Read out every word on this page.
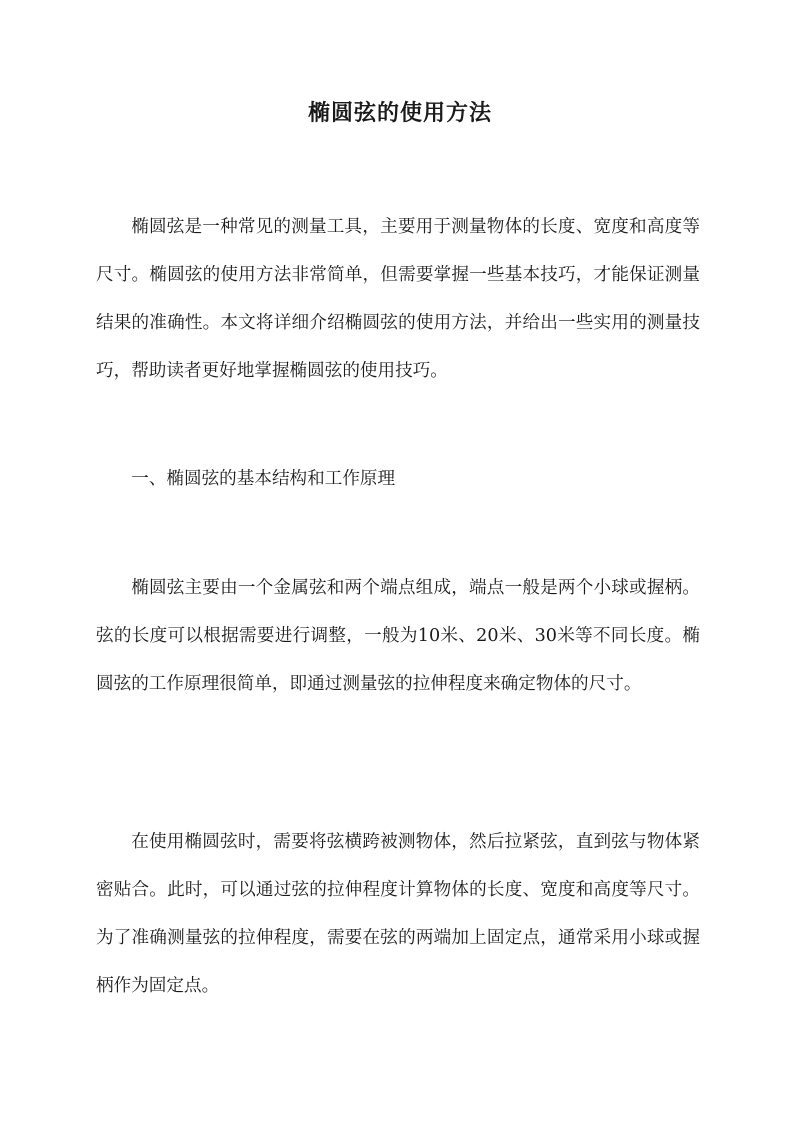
椭圆弦的使用方法

椭圆弦是一种常见的测量工具，主要用于测量物体的长度、宽度和高度等尺寸。椭圆弦的使用方法非常简单，但需要掌握一些基本技巧，才能保证测量结果的准确性。本文将详细介绍椭圆弦的使用方法，并给出一些实用的测量技巧，帮助读者更好地掌握椭圆弦的使用技巧。

一、椭圆弦的基本结构和工作原理

椭圆弦主要由一个金属弦和两个端点组成，端点一般是两个小球或握柄。弦的长度可以根据需要进行调整，一般为10米、20米、30米等不同长度。椭圆弦的工作原理很简单，即通过测量弦的拉伸程度来确定物体的尺寸。

在使用椭圆弦时，需要将弦横跨被测物体，然后拉紧弦，直到弦与物体紧密贴合。此时，可以通过弦的拉伸程度计算物体的长度、宽度和高度等尺寸。为了准确测量弦的拉伸程度，需要在弦的两端加上固定点，通常采用小球或握柄作为固定点。
